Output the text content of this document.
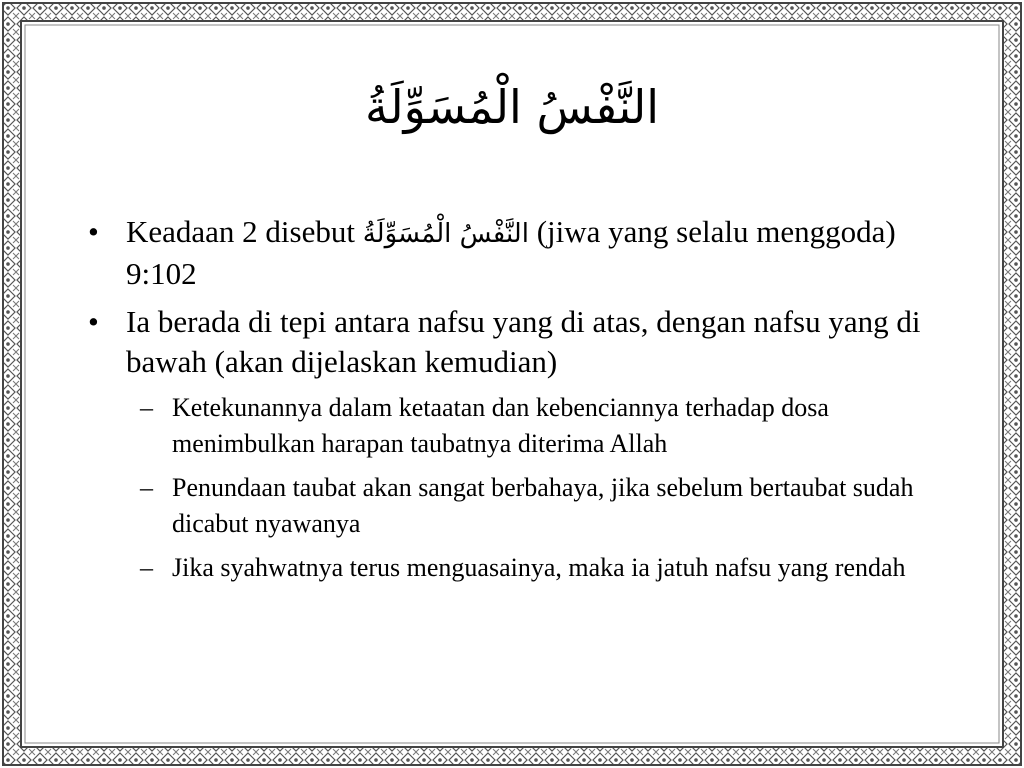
النَّفْسُ الْمُسَوِّلَةُ
• Keadaan 2 disebut النَّفْسُ الْمُسَوِّلَةُ (jiwa yang selalu menggoda) 9:102
• Ia berada di tepi antara nafsu yang di atas, dengan nafsu yang di bawah (akan dijelaskan kemudian)
– Ketekunannya dalam ketaatan dan kebenciannya terhadap dosa menimbulkan harapan taubatnya diterima Allah
– Penundaan taubat akan sangat berbahaya, jika sebelum bertaubat sudah dicabut nyawanya
– Jika syahwatnya terus menguasainya, maka ia jatuh nafsu yang rendah
